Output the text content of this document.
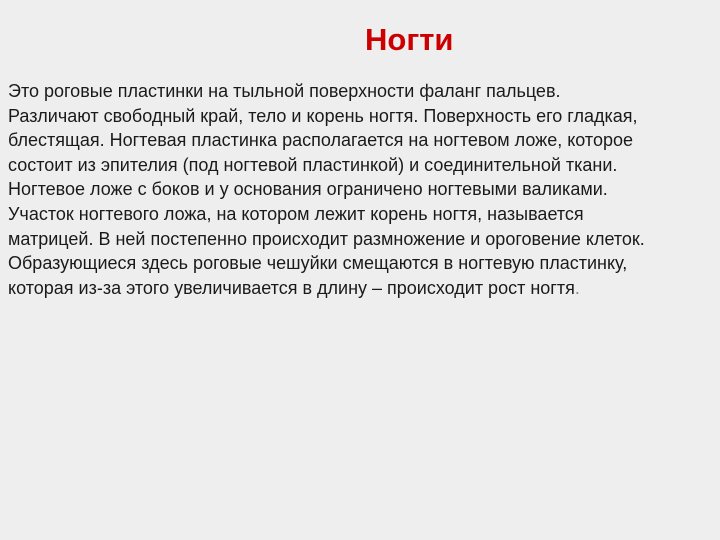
Ногти

Это роговые пластинки на тыльной поверхности фаланг пальцев.
Различают свободный край, тело и корень ногтя. Поверхность его гладкая,
блестящая. Ногтевая пластинка располагается на ногтевом ложе, которое
состоит из эпителия (под ногтевой пластинкой) и соединительной ткани.
Ногтевое ложе с боков и у основания ограничено ногтевыми валиками.
Участок ногтевого ложа, на котором лежит корень ногтя, называется
матрицей. В ней постепенно происходит размножение и ороговение клеток.
Образующиеся здесь роговые чешуйки смещаются в ногтевую пластинку,
которая из-за этого увеличивается в длину – происходит рост ногтя.
